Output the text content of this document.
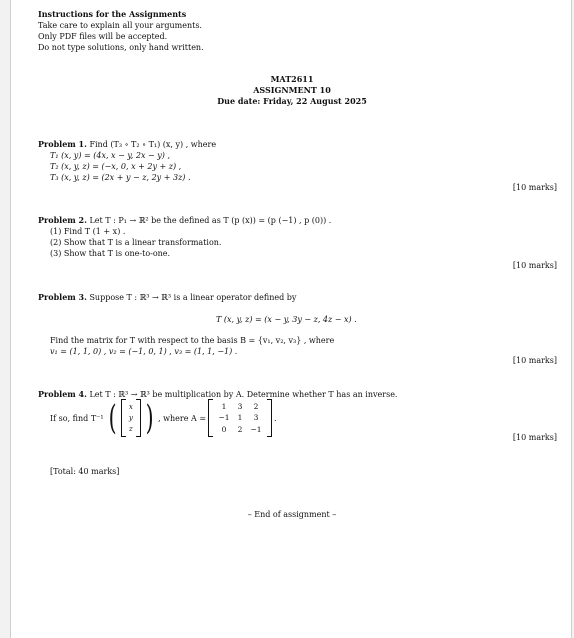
Instructions for the Assignments
Take care to explain all your arguments.
Only PDF files will be accepted.
Do not type solutions, only hand written.
MAT2611
ASSIGNMENT 10
Due date: Friday, 22 August 2025
Problem 1. Find (T₃ ∘ T₂ ∘ T₁) (x, y) , where
T₁ (x, y) = (4x, x − y, 2x − y) ,
T₂ (x, y, z) = (−x, 0, x + 2y + z) ,
T₃ (x, y, z) = (2x + y − z, 2y + 3z) .
[10 marks]
Problem 2. Let T : P₁ → ℝ² be the defined as T (p (x)) = (p (−1) , p (0)) .
(1) Find T (1 + x) .
(2) Show that T is a linear transformation.
(3) Show that T is one-to-one.
[10 marks]
Problem 3. Suppose T : ℝ³ → ℝ³ is a linear operator defined by
T (x, y, z) = (x − y, 3y − z, 4z − x) .
Find the matrix for T with respect to the basis B = {v₁, v₂, v₃} , where
v₁ = (1, 1, 0) , v₂ = (−1, 0, 1) , v₃ = (1, 1, −1) .
[10 marks]
Problem 4. Let T : ℝ³ → ℝ³ be multiplication by A. Determine whether T has an inverse.
If so, find T⁻¹ ( x
y
z ) , where A =
1	3	2
−1	1	3
0	2	−1
.
[10 marks]
[Total: 40 marks]
– End of assignment –
